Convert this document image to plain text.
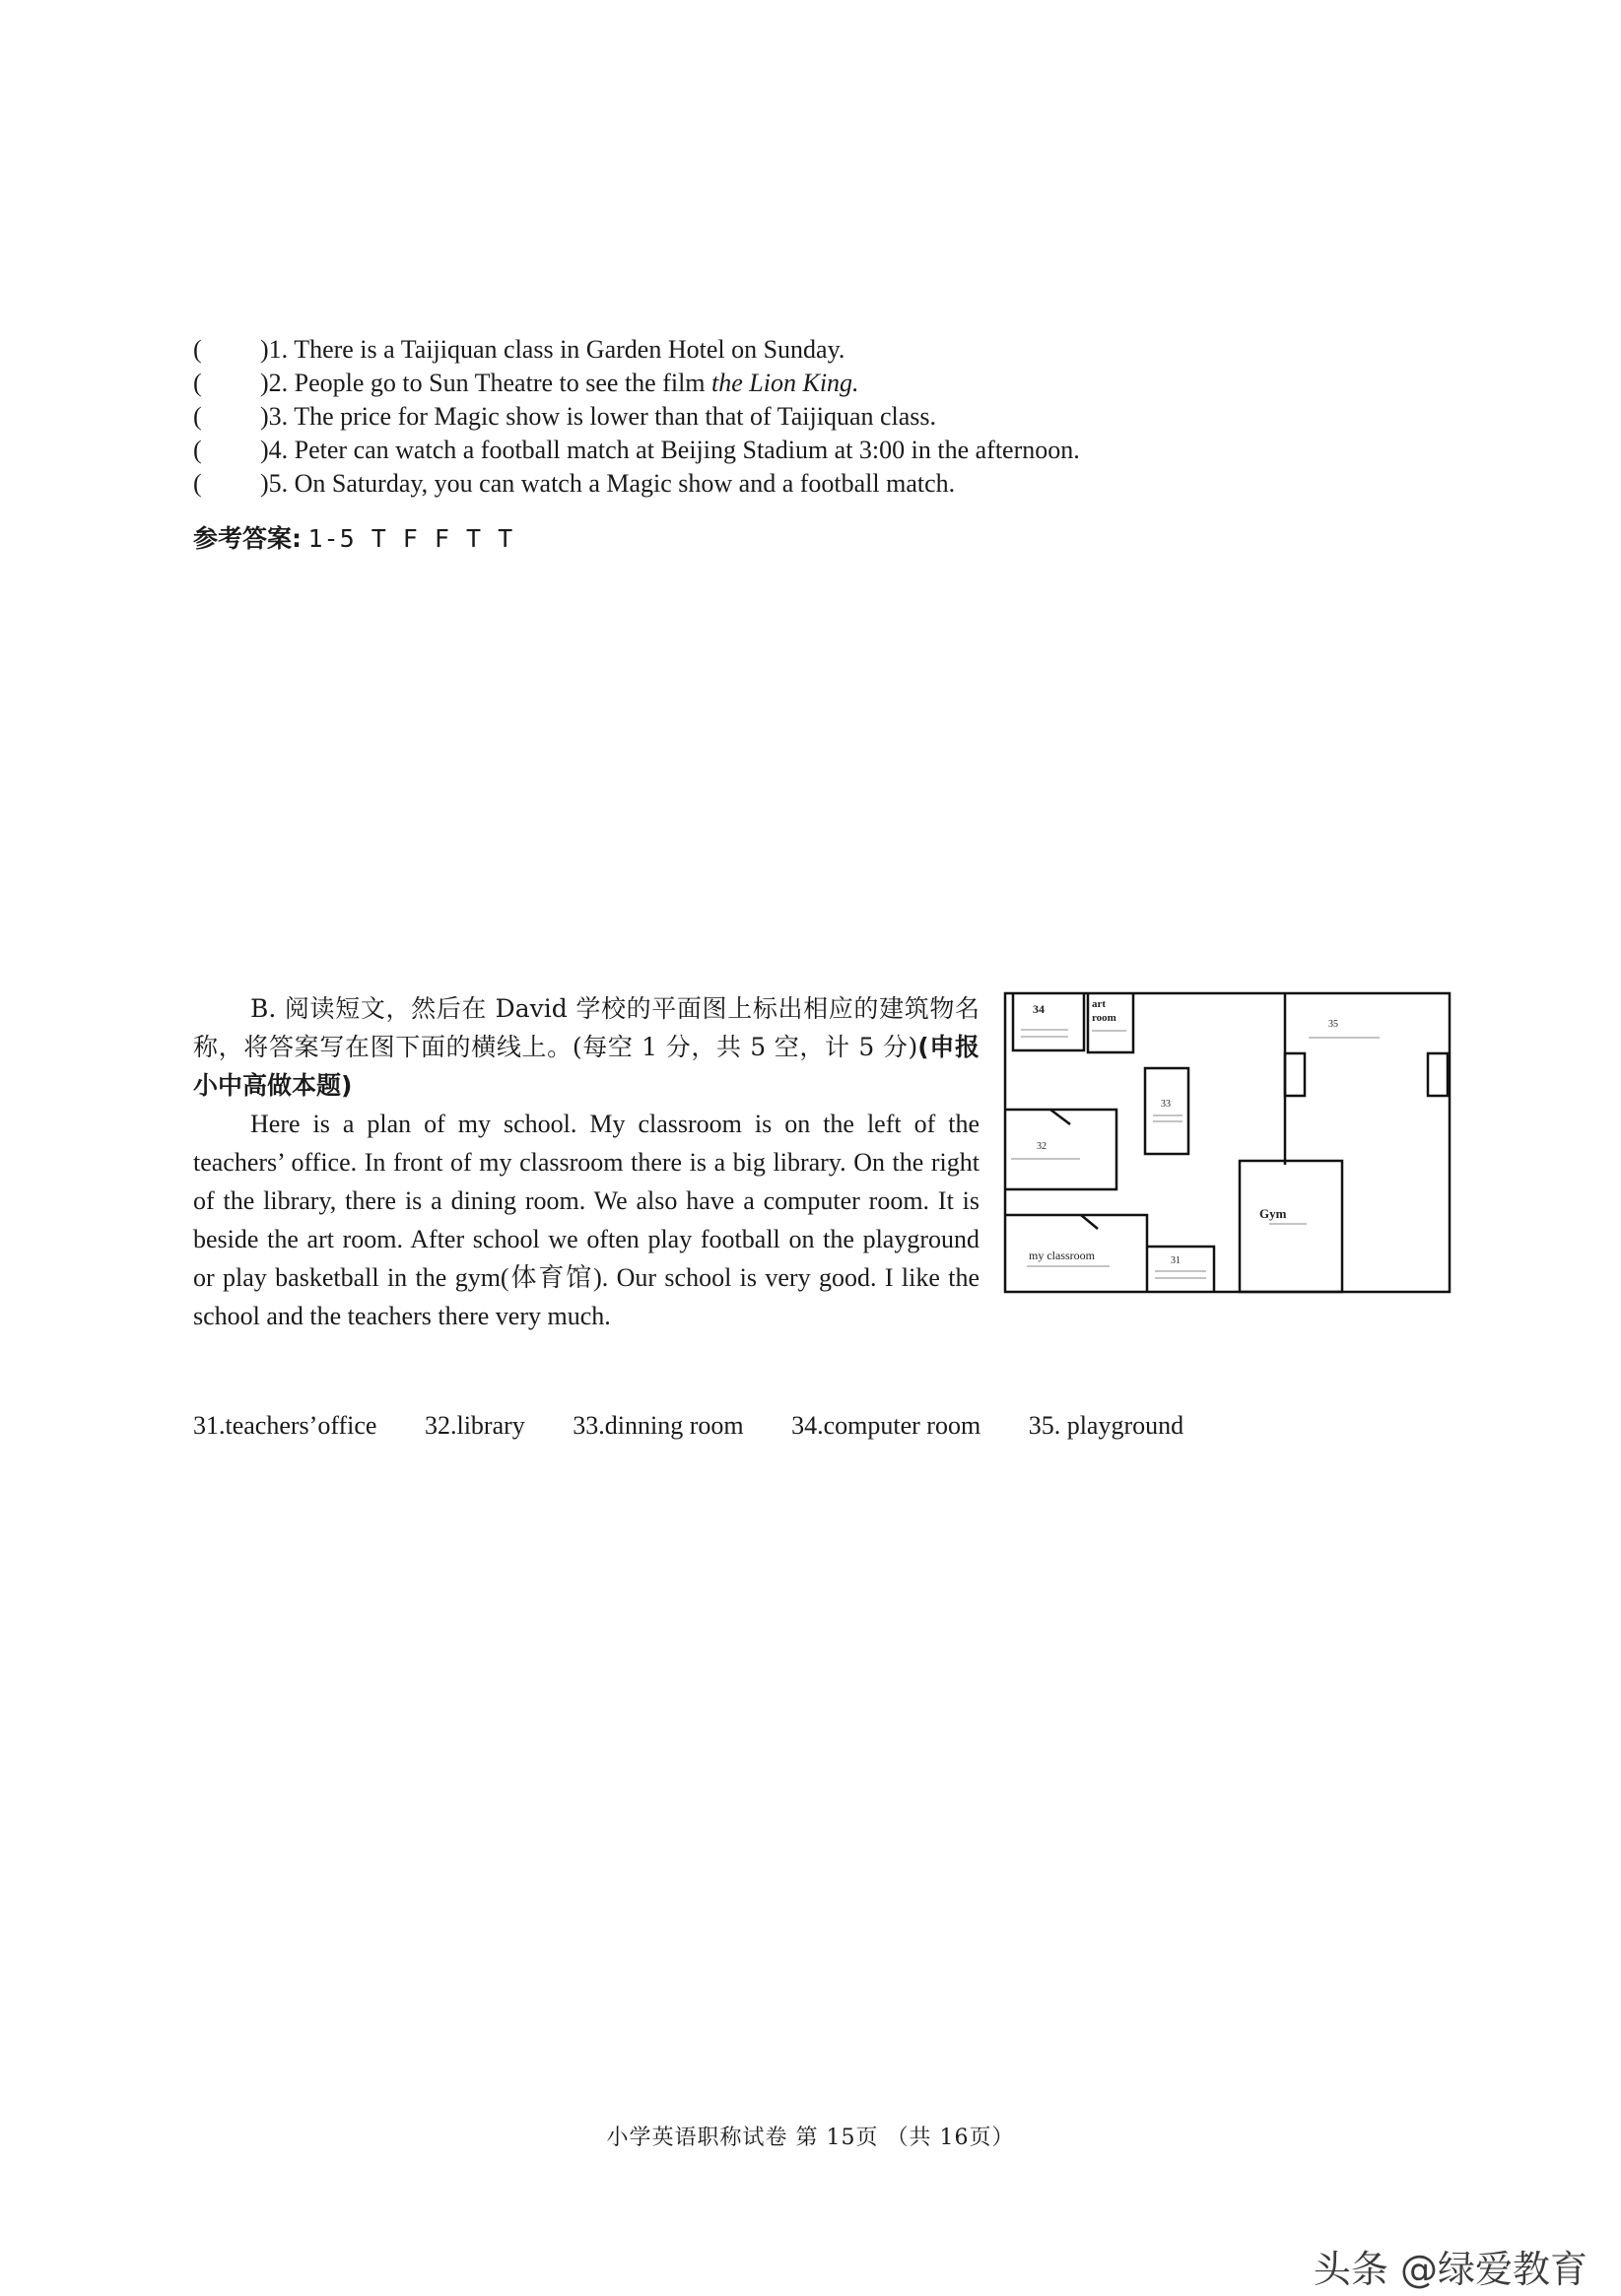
( )1. There is a Taijiquan class in Garden Hotel on Sunday.
( )2. People go to Sun Theatre to see the film the Lion King.
( )3. The price for Magic show is lower than that of Taijiquan class.
( )4. Peter can watch a football match at Beijing Stadium at 3:00 in the afternoon.
( )5. On Saturday, you can watch a Magic show and a football match.
参考答案: 1-5 T F F T T

B. 阅读短文，然后在 David 学校的平面图上标出相应的建筑物名称，将答案写在图下面的横线上。(每空 1 分，共 5 空，计 5 分)(申报小中高做本题)

Here is a plan of my school. My classroom is on the left of the teachers’ office. In front of my classroom there is a big library. On the right of the library, there is a dining room. We also have a computer room. It is beside the art room. After school we often play football on the playground or play basketball in the gym(体育馆). Our school is very good. I like the school and the teachers there very much.

34	art
room
35
33
32
Gym
my classroom	31
31.teachers’office 32.library 33.dinning room 34.computer room 35. playground
小学英语职称试卷 第 15页 （共 16页）
头条 @绿爱教育
